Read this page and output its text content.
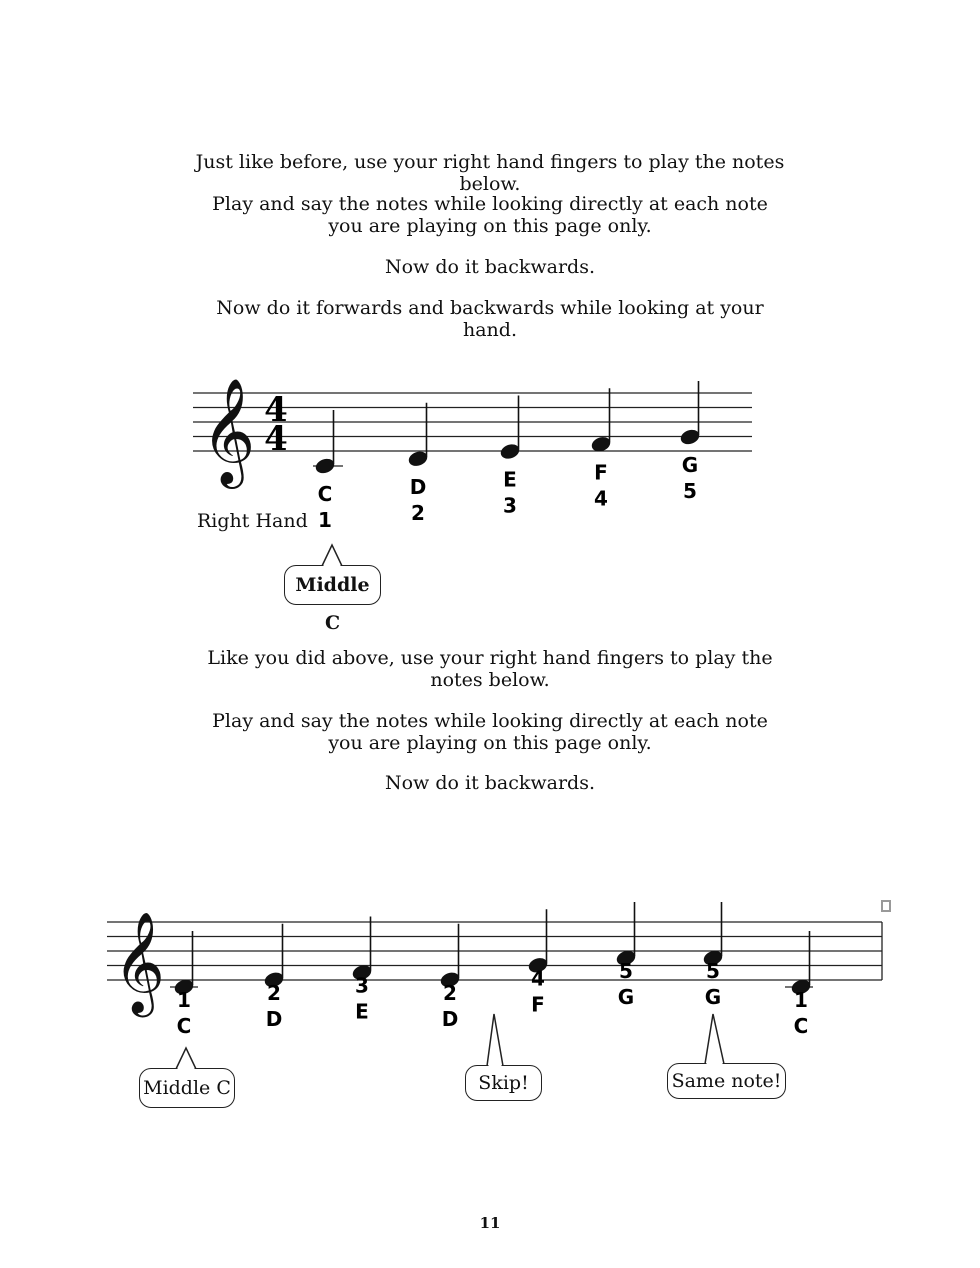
Just like before, use your right hand fingers to play the notes below.

Play and say the notes while looking directly at each note you are playing on this page only.

Now do it backwards.

Now do it forwards and backwards while looking at your hand.

𝄞 4
4
C
1
D
2
E
3
F
4
G
5
Right Hand
Middle C

Like you did above, use your right hand fingers to play the notes below.

Play and say the notes while looking directly at each note you are playing on this page only.

Now do it backwards.

𝄞
C
1
D
2
E
3
D
2	F
4
G
5
G
5
C
1
Middle C	Skip!	Same note!
11
